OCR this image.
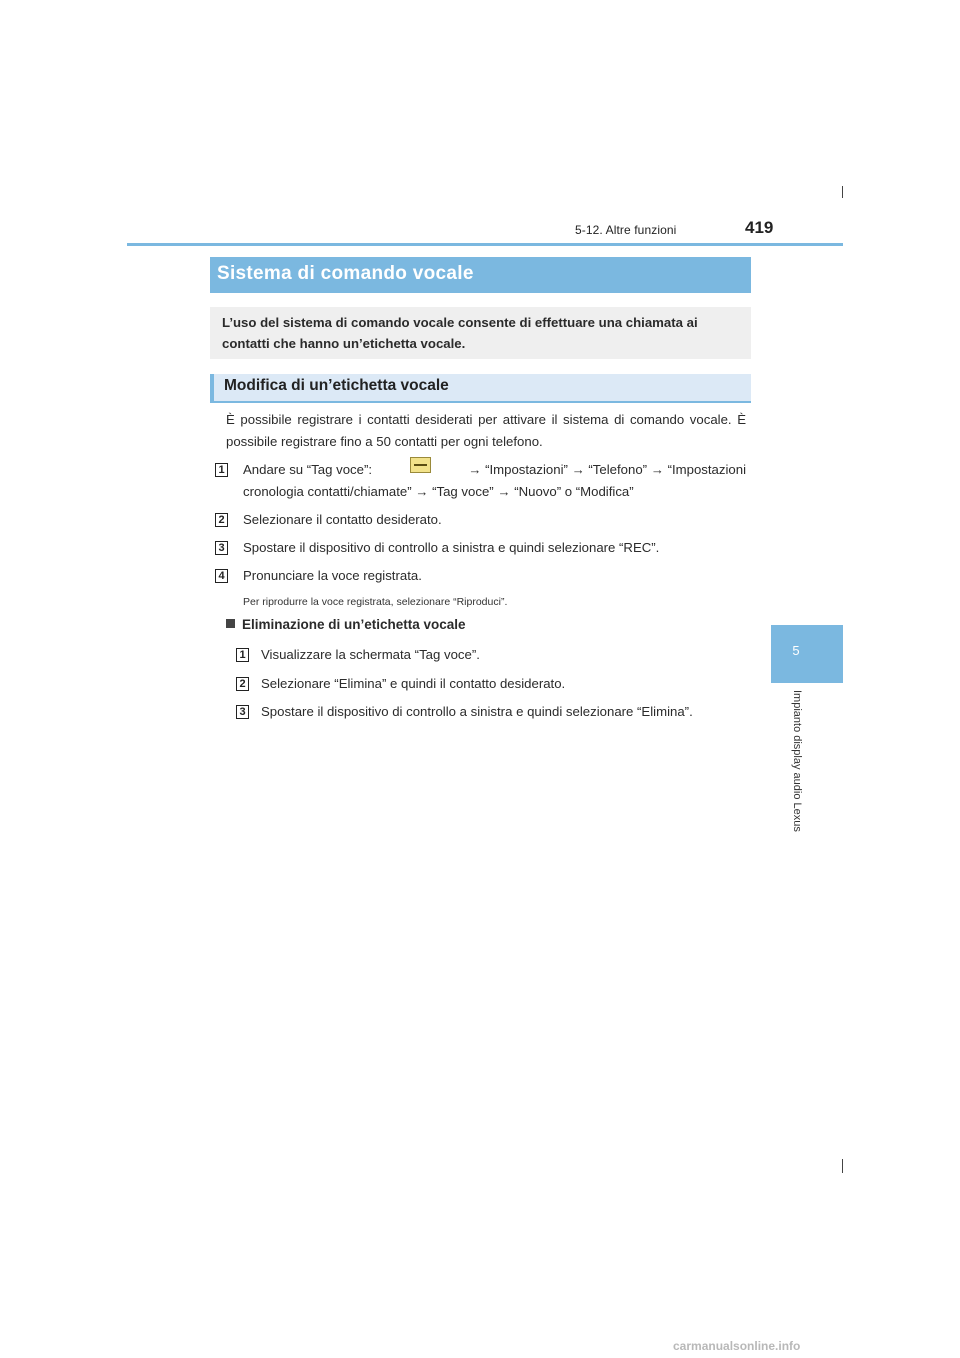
5-12. Altre funzioni	419
5
Impianto display audio Lexus
Sistema di comando vocale
L’uso del sistema di comando vocale consente di effettuare una chiamata ai contatti che hanno un’etichetta vocale.
Modifica di un’etichetta vocale
È possibile registrare i contatti desiderati per attivare il sistema di comando vocale. È possibile registrare fino a 50 contatti per ogni telefono.
1 Andare su “Tag voce”:	→ “Impostazioni” → “Telefono” → “Impostazioni
cronologia contatti/chiamate” → “Tag voce” → “Nuovo” o “Modifica”
2 Selezionare il contatto desiderato.
3 Spostare il dispositivo di controllo a sinistra e quindi selezionare “REC”.
4 Pronunciare la voce registrata.
Per riprodurre la voce registrata, selezionare “Riproduci”.
Eliminazione di un’etichetta vocale
1 Visualizzare la schermata “Tag voce”.
2 Selezionare “Elimina” e quindi il contatto desiderato.
3 Spostare il dispositivo di controllo a sinistra e quindi selezionare “Elimina”.
carmanualsonline.info
